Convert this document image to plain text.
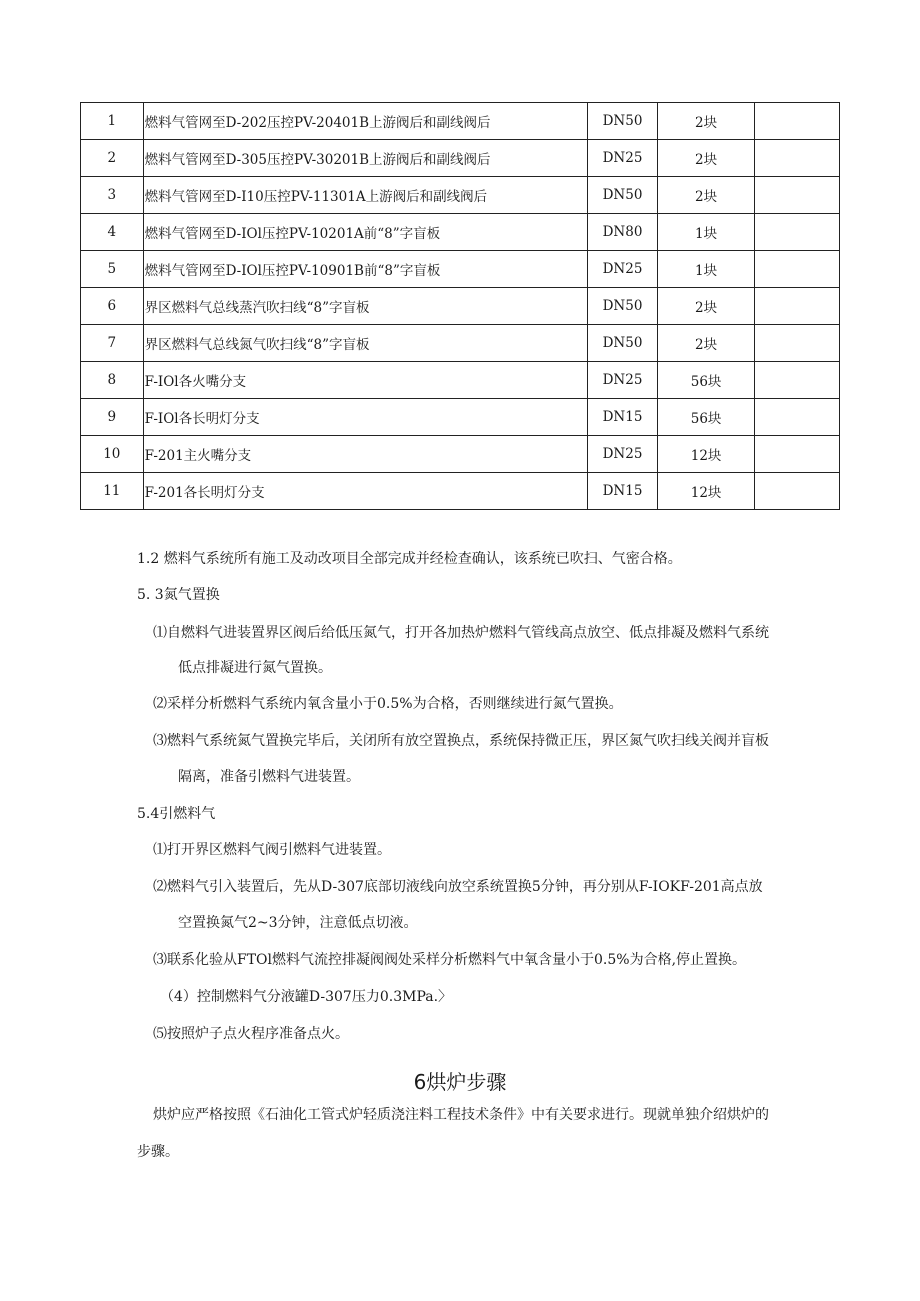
1	燃料气管网至D-202压控PV-20401B上游阀后和副线阀后	DN50	2块	
2	燃料气管网至D-305压控PV-30201B上游阀后和副线阀后	DN25	2块	
3	燃料气管网至D-I10压控PV-11301A上游阀后和副线阀后	DN50	2块	
4	燃料气管网至D-IOl压控PV-10201A前“8”字盲板	DN80	1块	
5	燃料气管网至D-IOl压控PV-10901B前“8”字盲板	DN25	1块	
6	界区燃料气总线蒸汽吹扫线“8”字盲板	DN50	2块	
7	界区燃料气总线氮气吹扫线“8”字盲板	DN50	2块	
8	F-IOl各火嘴分支	DN25	56块	
9	F-IOl各长明灯分支	DN15	56块	
10	F-201主火嘴分支	DN25	12块	
11	F-201各长明灯分支	DN15	12块	
1.2 燃料气系统所有施工及动改项目全部完成并经检查确认，该系统已吹扫、气密合格。
5. 3氮气置换
⑴自燃料气进装置界区阀后给低压氮气，打开各加热炉燃料气管线高点放空、低点排凝及燃料气系统
低点排凝进行氮气置换。
⑵采样分析燃料气系统内氧含量小于0.5%为合格，否则继续进行氮气置换。
⑶燃料气系统氮气置换完毕后，关闭所有放空置换点，系统保持微正压，界区氮气吹扫线关阀并盲板
隔离，准备引燃料气进装置。
5.4引燃料气
⑴打开界区燃料气阀引燃料气进装置。
⑵燃料气引入装置后，先从D-307底部切液线向放空系统置换5分钟，再分别从F-IOKF-201高点放
空置换氮气2~3分钟，注意低点切液。
⑶联系化验从FTOl燃料气流控排凝阀阀处采样分析燃料气中氧含量小于0.5%为合格,停止置换。
（4）控制燃料气分液罐D-307压力0.3MPa.〉
⑸按照炉子点火程序准备点火。
6烘炉步骤
烘炉应严格按照《石油化工管式炉轻质浇注料工程技术条件》中有关要求进行。现就单独介绍烘炉的
步骤。
